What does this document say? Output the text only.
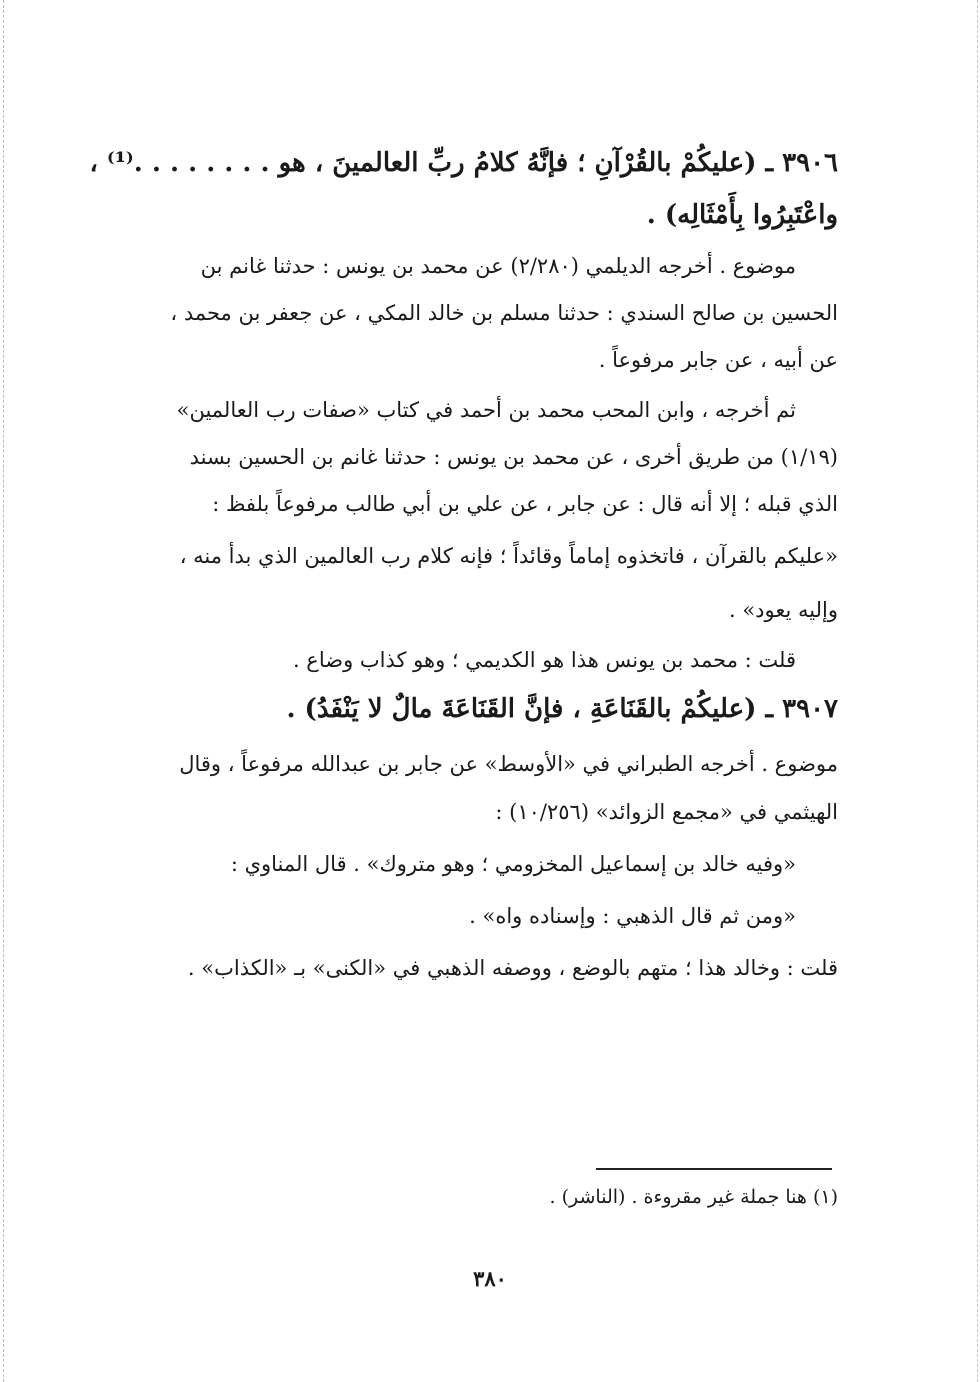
٣٩٠٦ ـ (عليكُمْ بالقُرْآنِ ؛ فإنَّهُ كلامُ ربِّ العالمينَ ، هو . . . . . . . .⁽¹⁾ ،
واعْتَبِرُوا بِأَمْثَالِه) .
موضوع . أخرجه الديلمي (٢/٢٨٠) عن محمد بن يونس : حدثنا غانم بن
الحسين بن صالح السندي : حدثنا مسلم بن خالد المكي ، عن جعفر بن محمد ،
عن أبيه ، عن جابر مرفوعاً .
ثم أخرجه ، وابن المحب محمد بن أحمد في كتاب «صفات رب العالمين»
(١/١٩) من طريق أخرى ، عن محمد بن يونس : حدثنا غانم بن الحسين بسند
الذي قبله ؛ إلا أنه قال : عن جابر ، عن علي بن أبي طالب مرفوعاً بلفظ :
«عليكم بالقرآن ، فاتخذوه إماماً وقائداً ؛ فإنه كلام رب العالمين الذي بدأ منه ،
وإليه يعود» .
قلت : محمد بن يونس هذا هو الكديمي ؛ وهو كذاب وضاع .
٣٩٠٧ ـ (عليكُمْ بالقَنَاعَةِ ، فإنَّ القَنَاعَةَ مالٌ لا يَنْفَدُ) .
موضوع . أخرجه الطبراني في «الأوسط» عن جابر بن عبدالله مرفوعاً ، وقال
الهيثمي في «مجمع الزوائد» (١٠/٢٥٦) :
«وفيه خالد بن إسماعيل المخزومي ؛ وهو متروك» . قال المناوي :
«ومن ثم قال الذهبي : وإسناده واه» .
قلت : وخالد هذا ؛ متهم بالوضع ، ووصفه الذهبي في «الكنى» بـ «الكذاب» .
(١) هنا جملة غير مقروءة . (الناشر) .
٣٨٠
